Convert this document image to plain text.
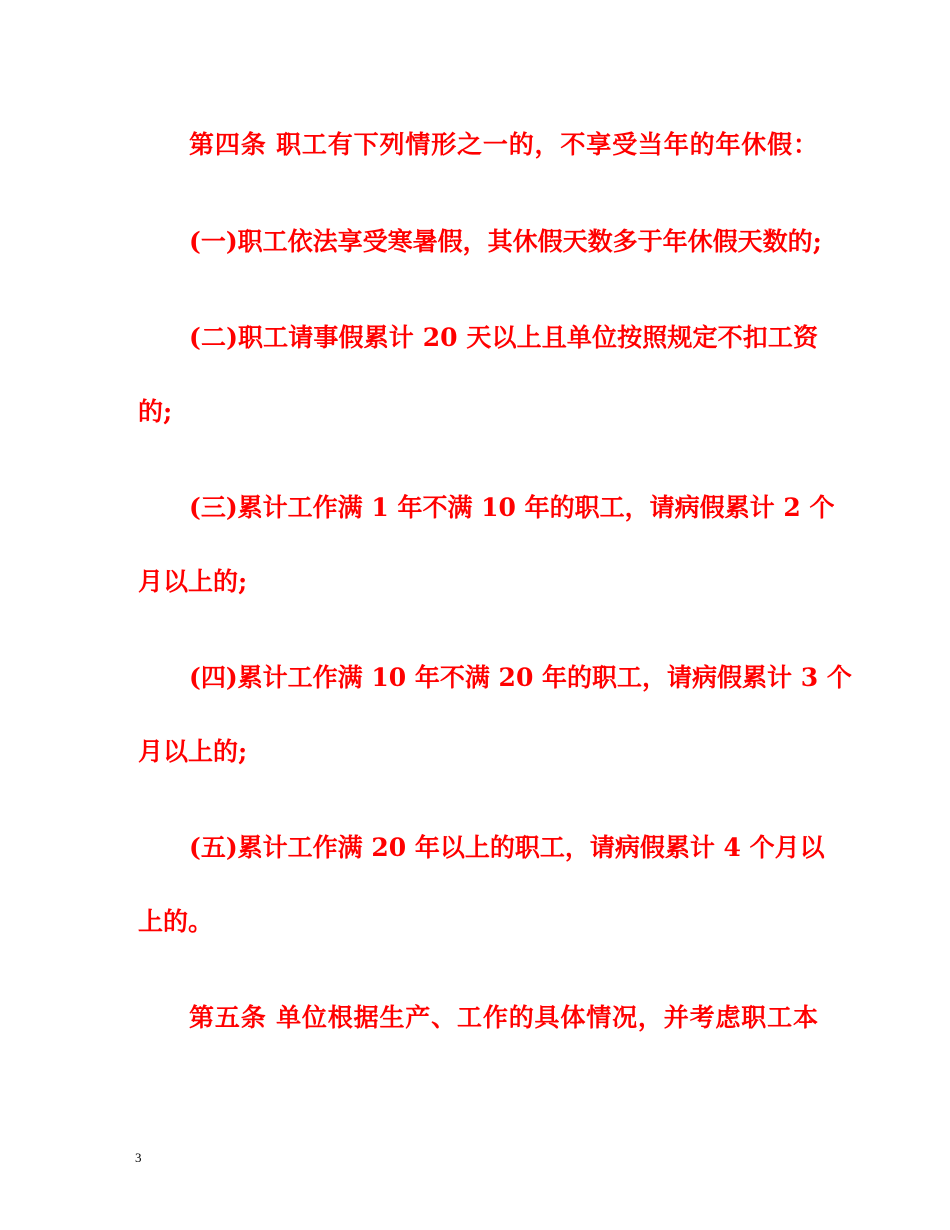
第四条 职工有下列情形之一的，不享受当年的年休假：
(一)职工依法享受寒暑假，其休假天数多于年休假天数的;
(二)职工请事假累计 20 天以上且单位按照规定不扣工资
的;
(三)累计工作满 1 年不满 10 年的职工，请病假累计 2 个
月以上的;
(四)累计工作满 10 年不满 20 年的职工，请病假累计 3 个
月以上的;
(五)累计工作满 20 年以上的职工，请病假累计 4 个月以
上的。
第五条 单位根据生产、工作的具体情况，并考虑职工本
3
